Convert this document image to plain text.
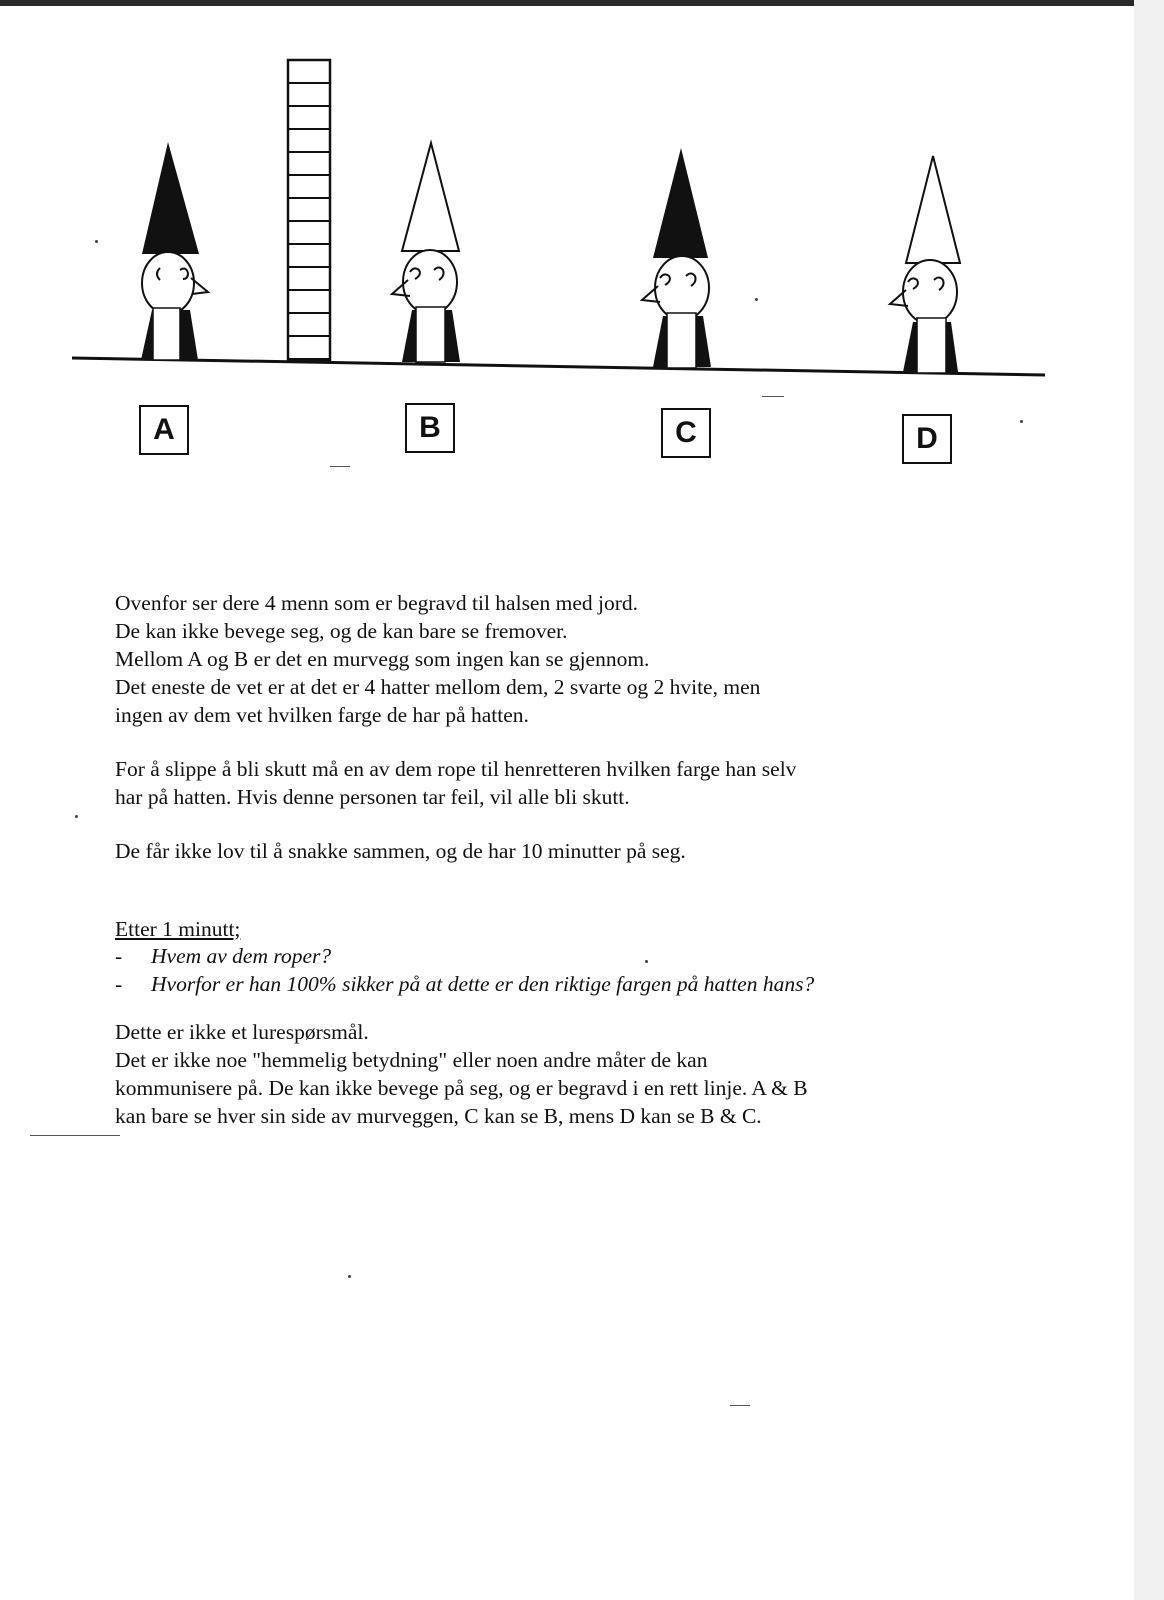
A	B	C	D

Ovenfor ser dere 4 menn som er begravd til halsen med jord.

De kan ikke bevege seg, og de kan bare se fremover.

Mellom A og B er det en murvegg som ingen kan se gjennom.

Det eneste de vet er at det er 4 hatter mellom dem, 2 svarte og 2 hvite, men

ingen av dem vet hvilken farge de har på hatten.

For å slippe å bli skutt må en av dem rope til henretteren hvilken farge han selv

har på hatten. Hvis denne personen tar feil, vil alle bli skutt.

De får ikke lov til å snakke sammen, og de har 10 minutter på seg.

Etter 1 minutt;

-	Hvem av dem roper?
-	Hvorfor er han 100% sikker på at dette er den riktige fargen på hatten hans?

Dette er ikke et lurespørsmål.

Det er ikke noe "hemmelig betydning" eller noen andre måter de kan

kommunisere på. De kan ikke bevege på seg, og er begravd i en rett linje. A & B

kan bare se hver sin side av murveggen, C kan se B, mens D kan se B & C.
